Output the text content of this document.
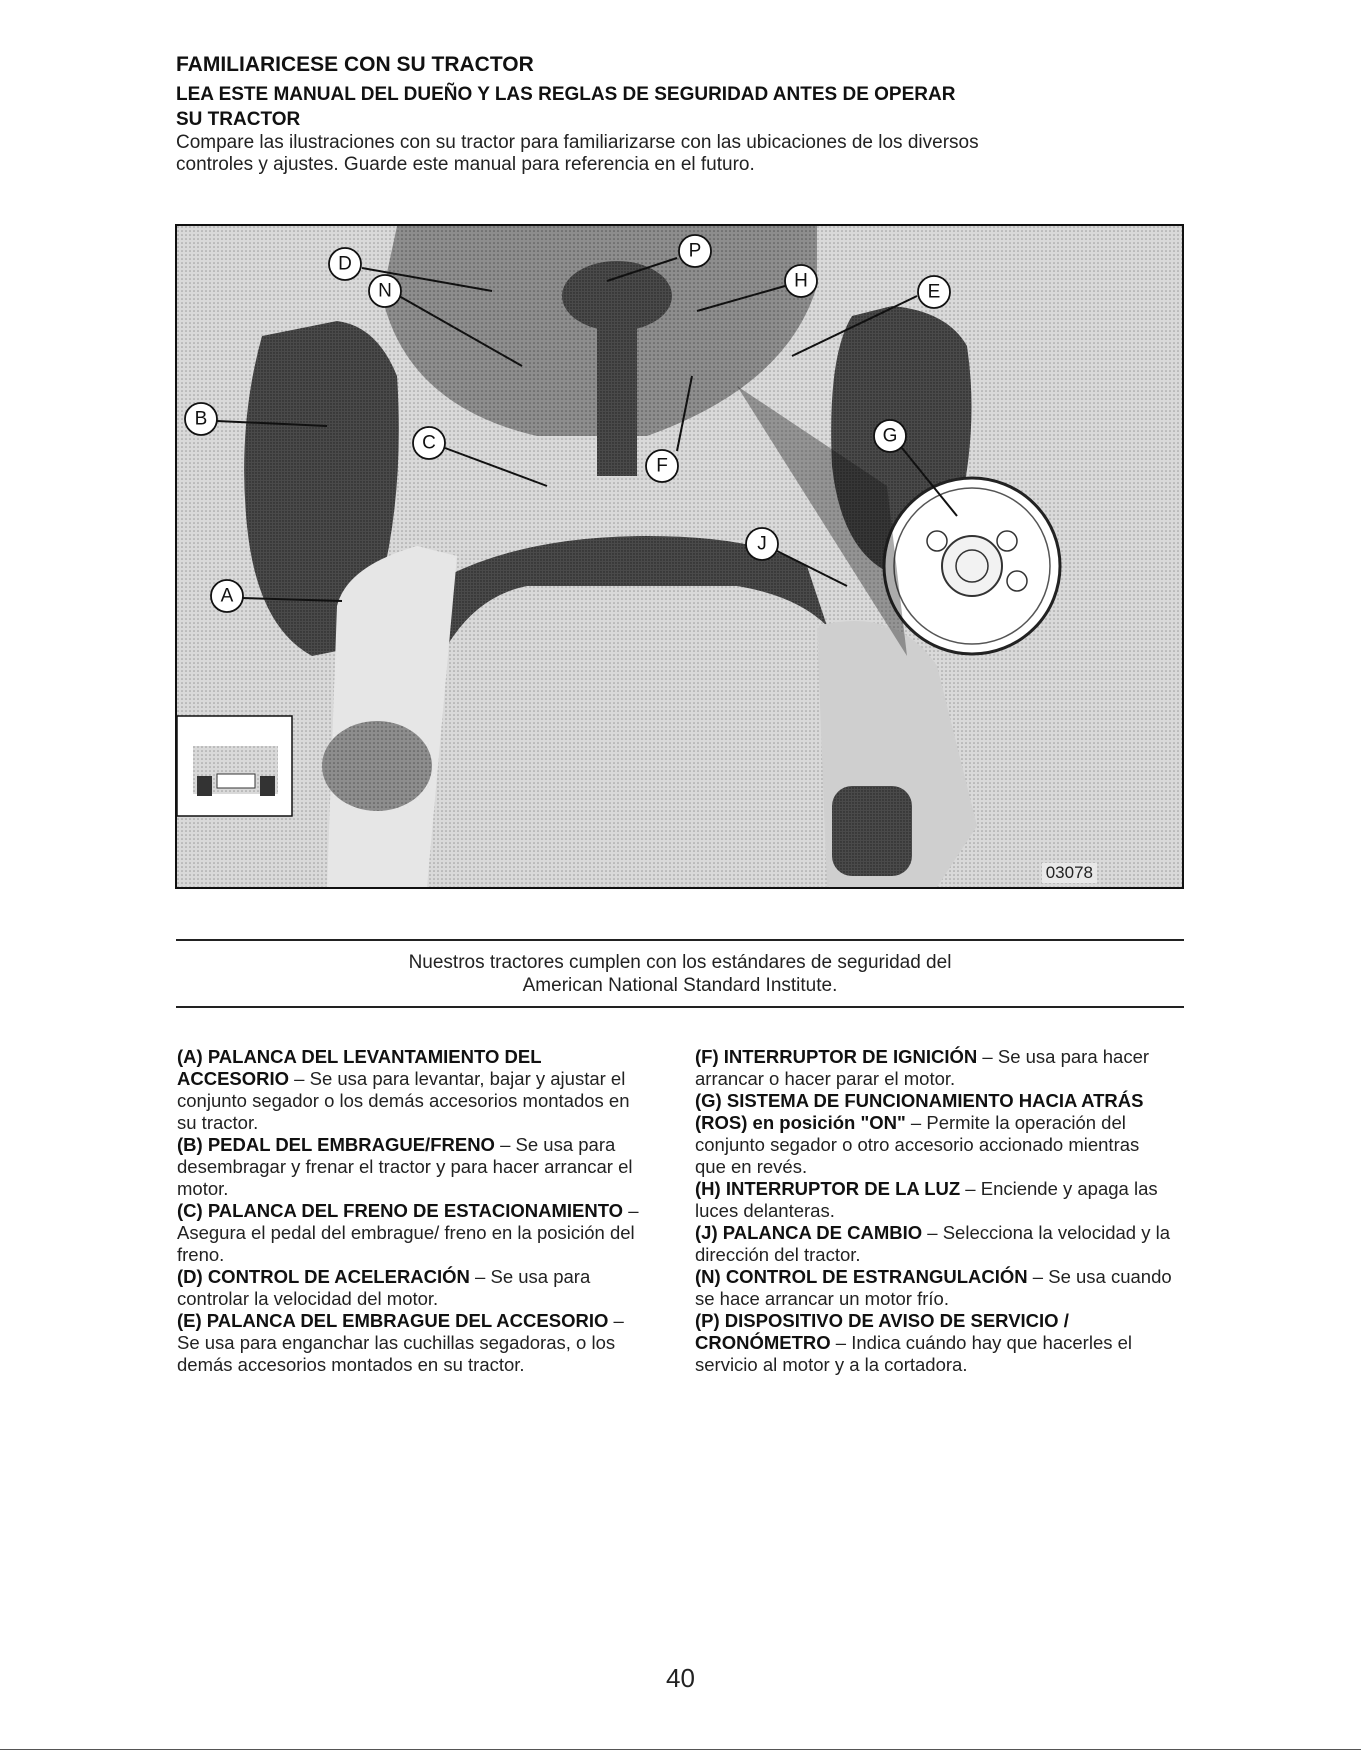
FAMILIARICESE CON SU TRACTOR

LEA ESTE MANUAL DEL DUEÑO Y LAS REGLAS DE SEGURIDAD ANTES DE OPERAR

SU TRACTOR

Compare las ilustraciones con su tractor para familiarizarse con las ubicaciones de los diversos

controles y ajustes. Guarde este manual para referencia en el futuro.

D
P
H
E
N
B
C	G
F
J
A
03078
Nuestros tractores cumplen con los estándares de seguridad del
American National Standard Institute.

(A) PALANCA DEL LEVANTAMIENTO DEL ACCESORIO – Se usa para levantar, bajar y ajustar el conjunto segador o los demás accesorios montados en su tractor.

(B) PEDAL DEL EMBRAGUE/FRENO – Se usa para desembragar y frenar el tractor y para hacer arrancar el motor.

(C) PALANCA DEL FRENO DE ESTACIONAMIENTO – Asegura el pedal del embrague/ freno en la posición del freno.

(D) CONTROL DE ACELERACIÓN – Se usa para controlar la velocidad del motor.

(E) PALANCA DEL EMBRAGUE DEL ACCESORIO – Se usa para enganchar las cuchillas segadoras, o los demás accesorios montados en su tractor.

(F) INTERRUPTOR DE IGNICIÓN – Se usa para hacer arrancar o hacer parar el motor.

(G) SISTEMA DE FUNCIONAMIENTO HACIA ATRÁS (ROS) en posición "ON" – Permite la operación del conjunto segador o otro accesorio accionado mientras que en revés.

(H) INTERRUPTOR DE LA LUZ – Enciende y apaga las luces delanteras.

(J) PALANCA DE CAMBIO – Selecciona la velocidad y la dirección del tractor.

(N) CONTROL DE ESTRANGULACIÓN – Se usa cuando se hace arrancar un motor frío.

(P) DISPOSITIVO DE AVISO DE SERVICIO / CRONÓMETRO – Indica cuándo hay que hacerles el servicio al motor y a la cortadora.

40
